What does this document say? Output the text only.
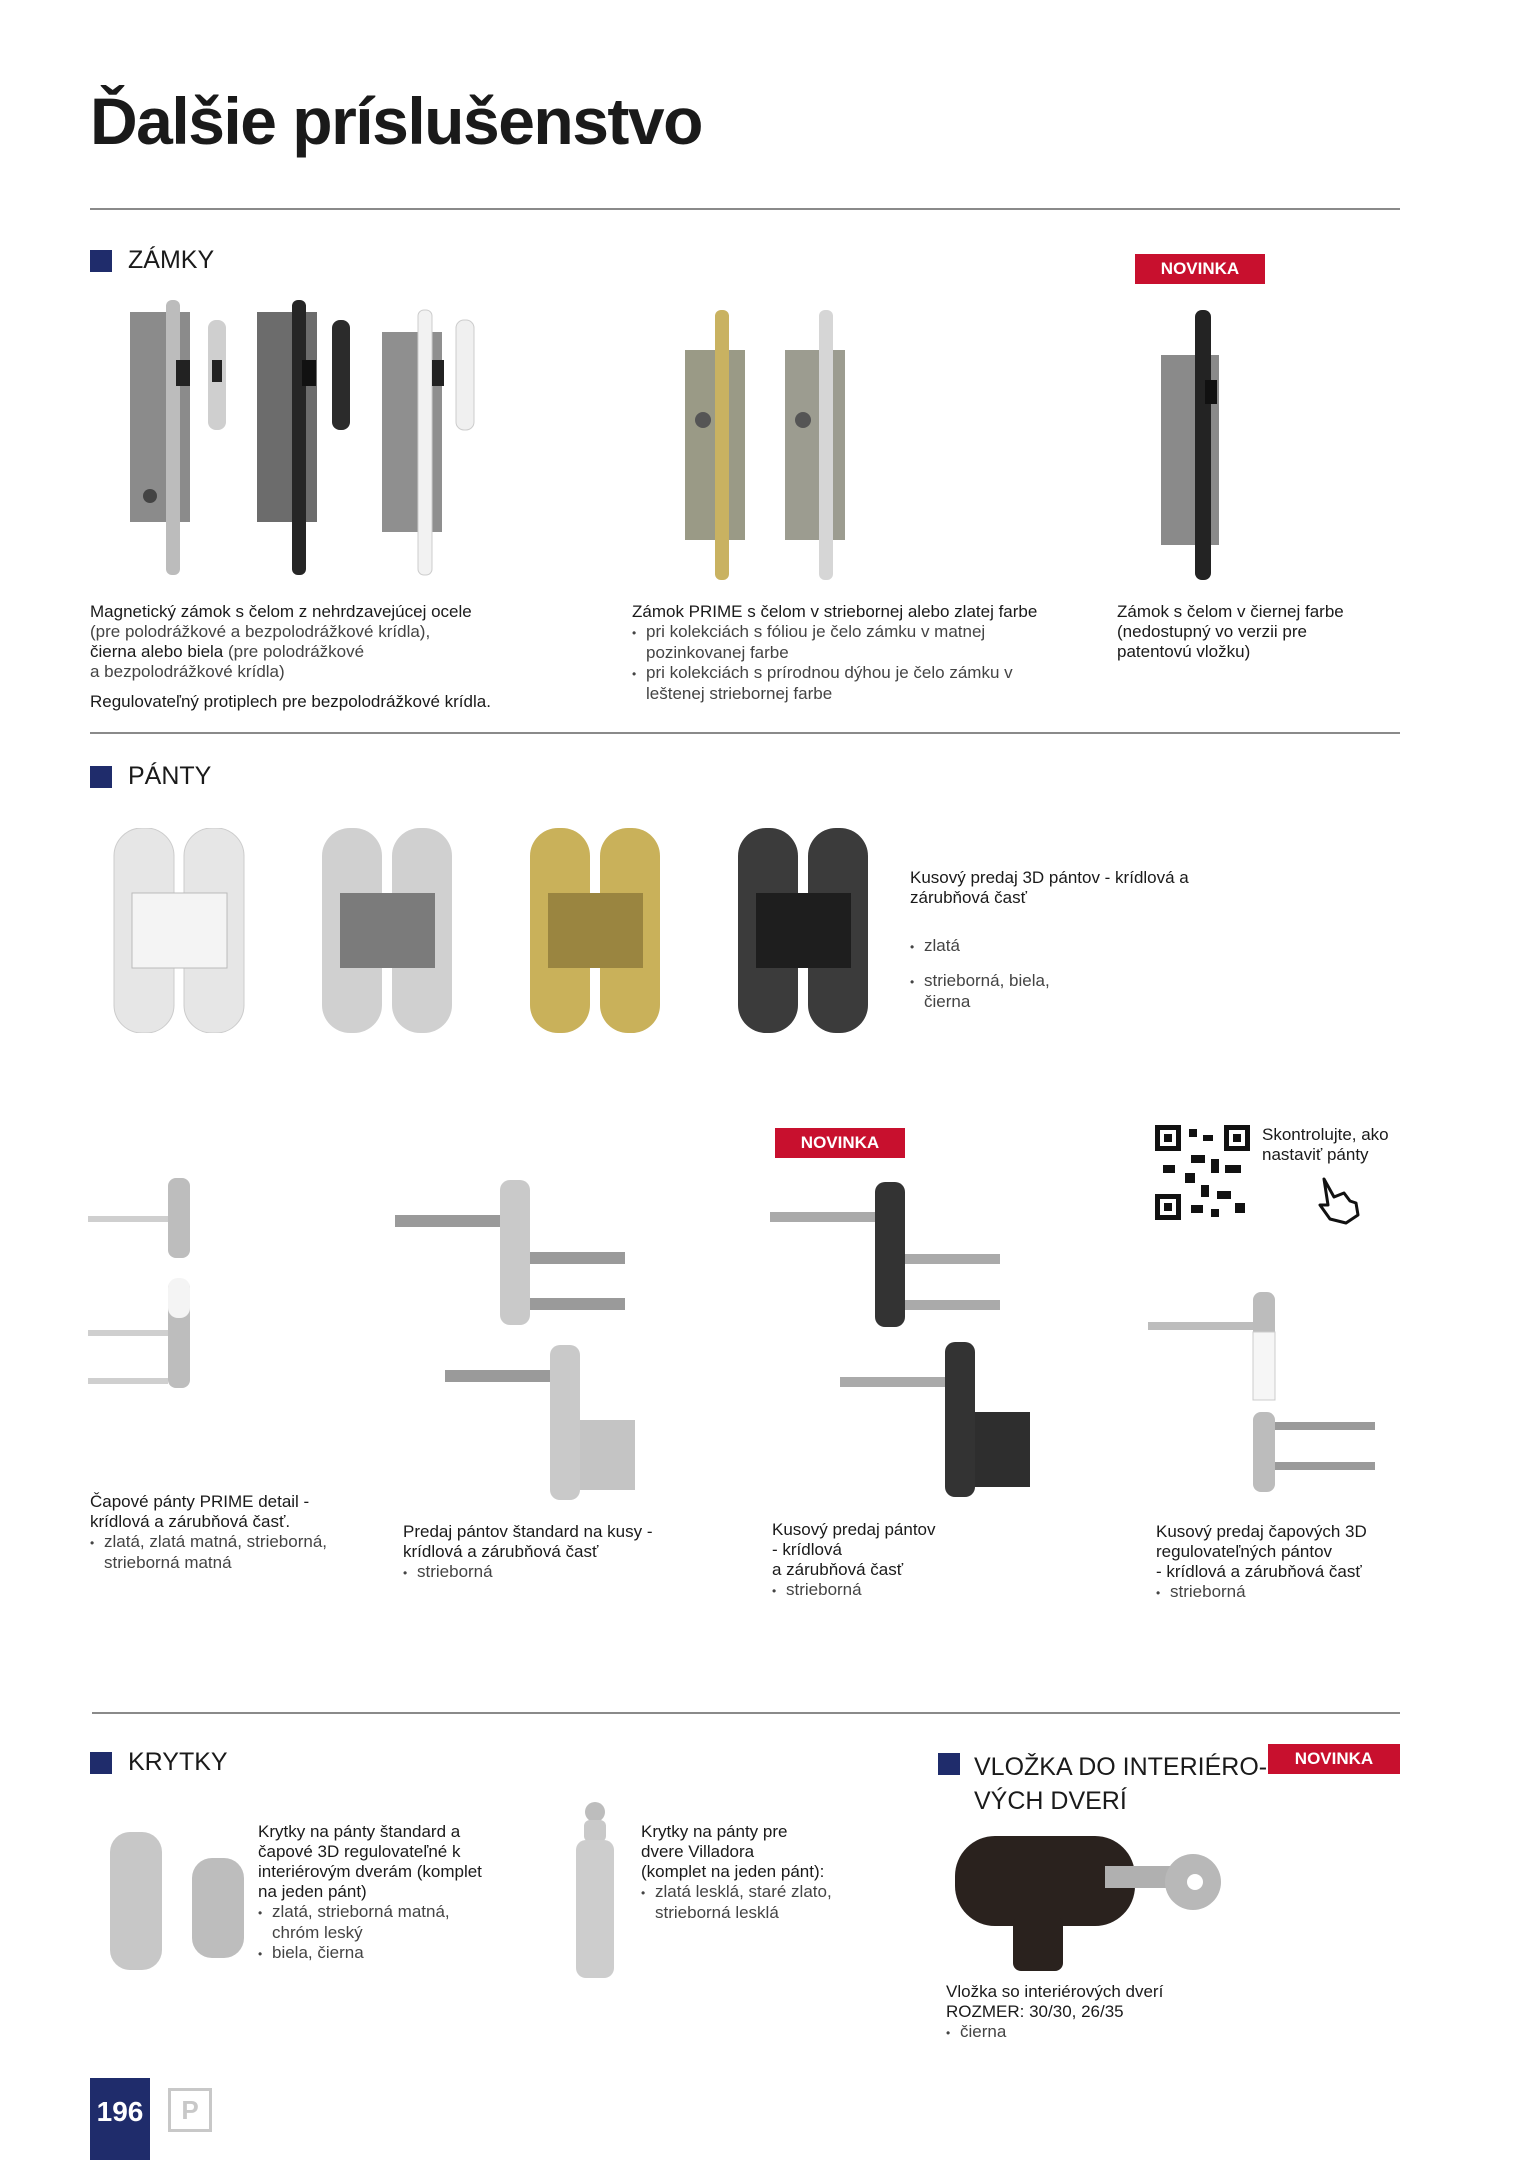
Ďalšie príslušenstvo
ZÁMKY	NOVINKA
Magnetický zámok s čelom z nehrdzavejúcej ocele
(pre polodrážkové a bezpolodrážkové krídla),
čierna alebo biela (pre polodrážkové
a bezpolodrážkové krídla)
Regulovateľný protiplech pre bezpolodrážkové krídla.
Zámok PRIME s čelom v striebornej alebo zlatej farbe
• pri kolekciách s fóliou je čelo zámku v matnej pozinkovanej farbe
• pri kolekciách s prírodnou dýhou je čelo zámku v leštenej striebornej farbe
Zámok s čelom v čiernej farbe
(nedostupný vo verzii pre
patentovú vložku)
PÁNTY
Kusový predaj 3D pántov - krídlová a
zárubňová časť
• zlatá
• strieborná, biela, čierna
NOVINKA	Skontrolujte, ako
nastaviť pánty
Čapové pánty PRIME detail -
krídlová a zárubňová časť.
• zlatá, zlatá matná, strieborná, strieborná matná
Predaj pántov štandard na kusy -
krídlová a zárubňová časť
• strieborná
Kusový predaj pántov
- krídlová
a zárubňová časť
• strieborná
Kusový predaj čapových 3D
regulovateľných pántov
- krídlová a zárubňová časť
• strieborná
KRYTKY
Krytky na pánty štandard a
čapové 3D regulovateľné k
interiérovým dverám (komplet
na jeden pánt)
• zlatá, strieborná matná, chróm leský
• biela, čierna
Krytky na pánty pre
dvere Villadora
(komplet na jeden pánt):
• zlatá lesklá, staré zlato, strieborná lesklá
VLOŽKA DO INTERIÉRO-
VÝCH DVERÍ
NOVINKA
Vložka so interiérových dverí
ROZMER: 30/30, 26/35
• čierna
196	P
